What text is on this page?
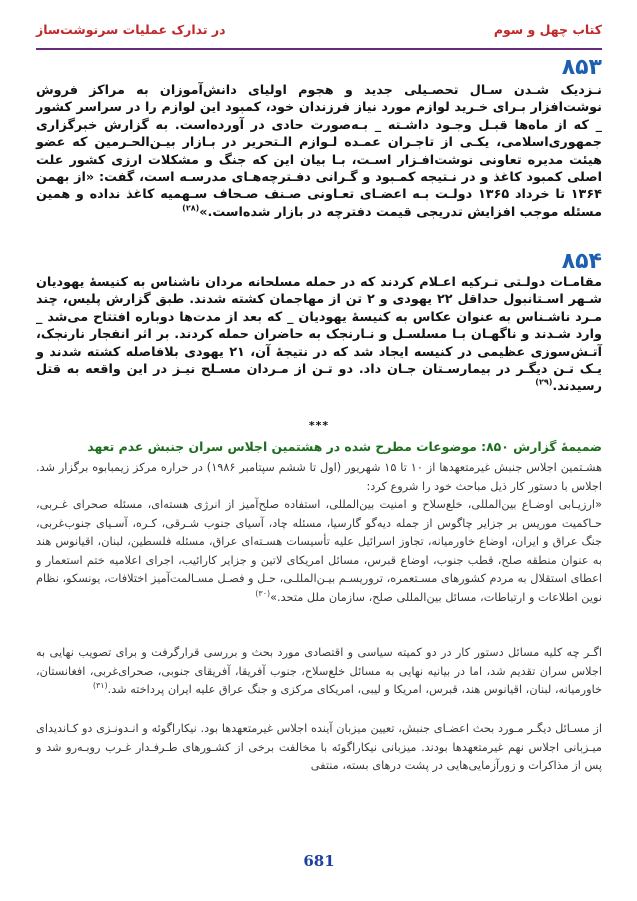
کتاب چهل و سوم
در تدارک عملیات سرنوشت‌ساز
۸۵۳
نـزدیک شـدن سـال تحصـیلی جدید و هجوم اولیای دانش‌آموزان به مراکز فروش نوشت‌افزار بـرای خـرید لوازم مورد نیاز فرزندان خود، کمبود این لوازم را در سراسر کشور _ که از ماه‌ها قبـل وجـود داشـته _ بـه‌صورت حادی در آورده‌است. به گزارش خبرگزاری جمهوری‌اسلامی، یکـی از تاجـران عمـده لـوازم الـتحریر در بـازار بیـن‌الحـرمین که عضو هیئت مدیره تعاونی نوشت‌افـزار اسـت، بـا بیان این که جنگ و مشکلات ارزی کشور علت اصلی کمبود کاغذ و در نـتیجه کمـبود و گـرانی دفـترچه‌هـای مدرسـه است، گفت: «از بهمن ۱۳۶۴ تا خرداد ۱۳۶۵ دولـت بـه اعضـای تعـاونی صـنف صـحاف سـهمیه کاغذ نداده و همین مسئله موجب افزایش تدریجی قیمت دفترچه در بازار شده‌است.»$^{(۲۸)}$
۸۵۴
مقامـات دولـتی تـرکیه اعـلام کردند که در حمله مسلحانه مردان ناشناس به کنیسهٔ یهودیان شـهر اسـتانبول حداقل ۲۲ یهودی و ۲ تن از مهاجمان کشته شدند. طبق گزارش پلیس، چند مـرد ناشـناس به عنوان عکاس به کنیسهٔ یهودیان _ که بعد از مدت‌ها دوباره افتتاح می‌شد _ وارد شـدند و ناگهـان بـا مسلسـل و نـارنجک به حاضران حمله کردند. بر اثر انفجار نارنجک، آتـش‌سوزی عظیمی در کنیسه ایجاد شد که در نتیجهٔ آن، ۲۱ یهودی بلافاصله کشته شدند و یـک تـن دیگـر در بیمارسـتان جـان داد. دو تـن از مـردان مسـلح نیـز در این واقعه به قتل رسیدند.$^{(۲۹)}$
***
ضمیمهٔ گزارش ۸۵۰: موضوعات مطرح شده در هشتمین اجلاس سران جنبش عدم تعهد
هشـتمین اجلاس جنبش غیرمتعهدها از ۱۰ تا ۱۵ شهریور (اول تا ششم سپتامبر ۱۹۸۶) در حراره مرکز زیمبابوه برگزار شد. اجلاس با دستور کار ذیل مباحث خود را شروع کرد:
«ارزیـابی اوضـاع بین‌المللی، خلع‌سلاح و امنیت بین‌المللی، استفاده صلح‌آمیز از انرژی هسته‌ای، مسئله صحرای غـربی، حـاکمیت موریس بر جزایر چاگوس از جمله دیه‌گو گارسیا، مسئله چاد، آسیای جنوب شـرقی، کـره، آسـیای جنوب‌غربی، جنگ عراق و ایران، اوضاع خاورمیانه، تجاوز اسرائیل علیه تأسیسات هسـته‌ای عراق، مسئله فلسطین، لبنان، اقیانوس هند به عنوان منطقه صلح، قطب جنوب، اوضاع قبرس، مسائل امریکای لاتین و جزایر کارائیب، اجرای اعلامیه ختم استعمار و اعطای استقلال به مردم کشورهای مسـتعمره، تروریسـم بیـن‌المللـی، حـل و فصـل مسـالمت‌آمیز اختلافات، یونسکو، نظام نوین اطلاعات و ارتباطات، مسائل بین‌المللی صلح، سازمان ملل متحد.»$^{(۳۰)}$
اگـر چه کلیه مسائل دستور کار در دو کمیته سیاسی و اقتصادی مورد بحث و بررسی قرارگرفت و برای تصویب نهایی به اجلاس سران تقدیم شد، اما در بیانیه نهایی به مسائل خلع‌سلاح، جنوب آفریقا، آفریقای جنوبی، صحرای‌غربی، افغانستان، خاورمیانه، لبنان، اقیانوس هند، قبرس، امریکا و لیبی، امریکای مرکزی و جنگ عراق علیه ایران پرداخته شد.$^{(۳۱)}$
از مسـائل دیگـر مـورد بحث اعضـای جنبش، تعیین میزبان آینده اجلاس غیرمتعهدها بود. نیکاراگوئه و انـدونـزی دو کـاندیدای میـزبانی اجلاس نهم غیرمتعهدها بودند. میزبانی نیکاراگوئه با مخالفت برخی از کشـورهای طـرفـدار غـرب روبـه‌رو شد و پس از مذاکرات و زورآزمایی‌هایی در پشت درهای بسته، منتفی
681
